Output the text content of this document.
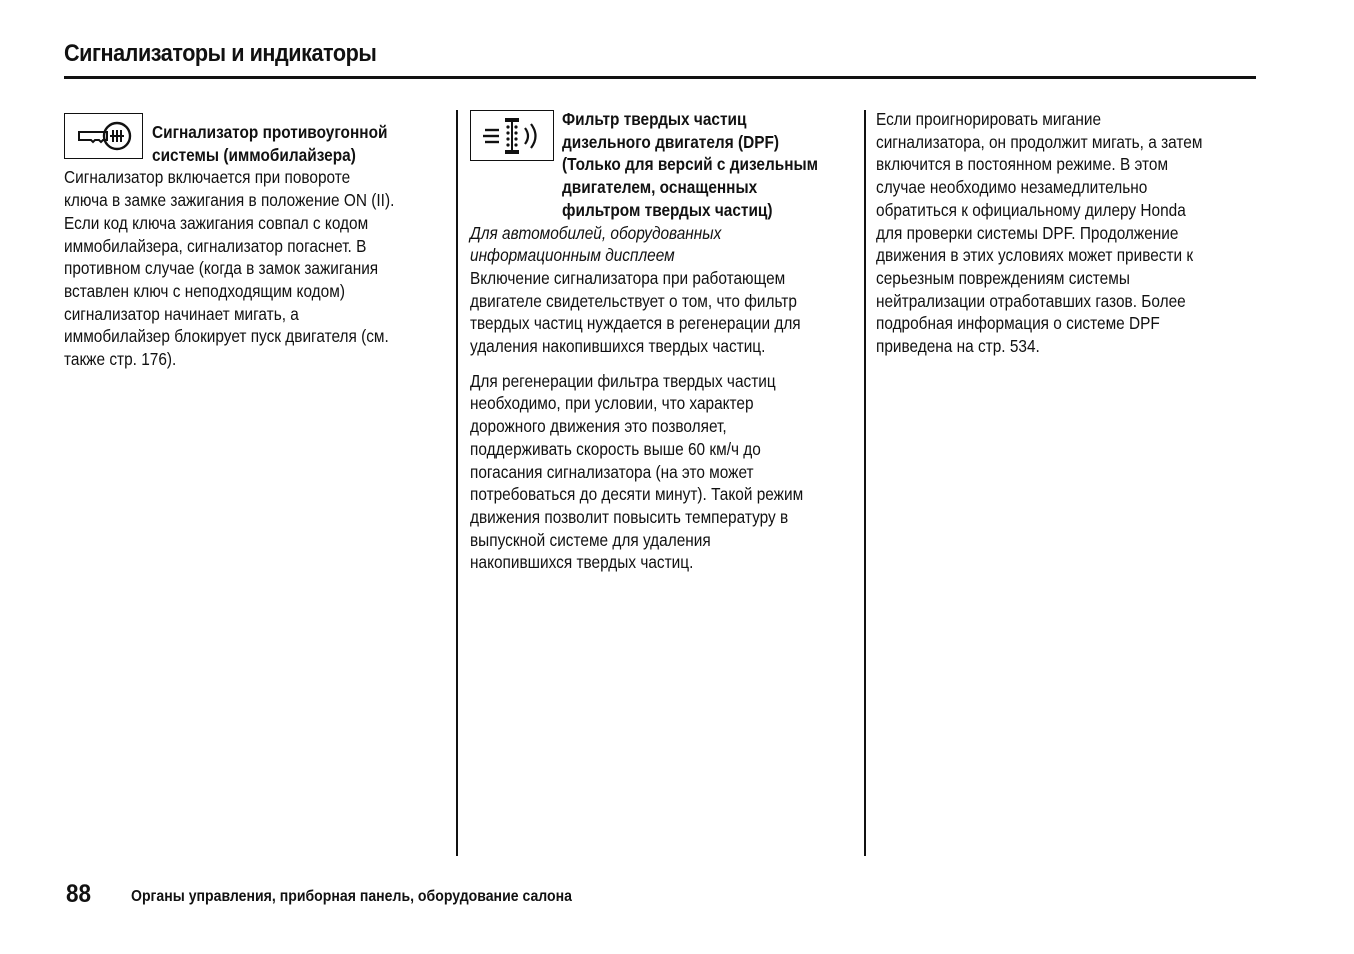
Сигнализаторы и индикаторы
Сигнализатор противоугонной
системы (иммобилайзера)
Сигнализатор включается при повороте
ключа в замке зажигания в положение ON (II).
Если код ключа зажигания совпал с кодом
иммобилайзера, сигнализатор погаснет. В
противном случае (когда в замок зажигания
вставлен ключ с неподходящим кодом)
сигнализатор начинает мигать, а
иммобилайзер блокирует пуск двигателя (см.
также стр. 176).
Фильтр твердых частиц
дизельного двигателя (DPF)
(Только для версий с дизельным
двигателем, оснащенных
фильтром твердых частиц)
Для автомобилей, оборудованных
информационным дисплеем
Включение сигнализатора при работающем
двигателе свидетельствует о том, что фильтр
твердых частиц нуждается в регенерации для
удаления накопившихся твердых частиц.
Для регенерации фильтра твердых частиц
необходимо, при условии, что характер
дорожного движения это позволяет,
поддерживать скорость выше 60 км/ч до
погасания сигнализатора (на это может
потребоваться до десяти минут). Такой режим
движения позволит повысить температуру в
выпускной системе для удаления
накопившихся твердых частиц.
Если проигнорировать мигание
сигнализатора, он продолжит мигать, а затем
включится в постоянном режиме. В этом
случае необходимо незамедлительно
обратиться к официальному дилеру Honda
для проверки системы DPF. Продолжение
движения в этих условиях может привести к
серьезным повреждениям системы
нейтрализации отработавших газов. Более
подробная информация о системе DPF
приведена на стр. 534.
88 Органы управления, приборная панель, оборудование салона
